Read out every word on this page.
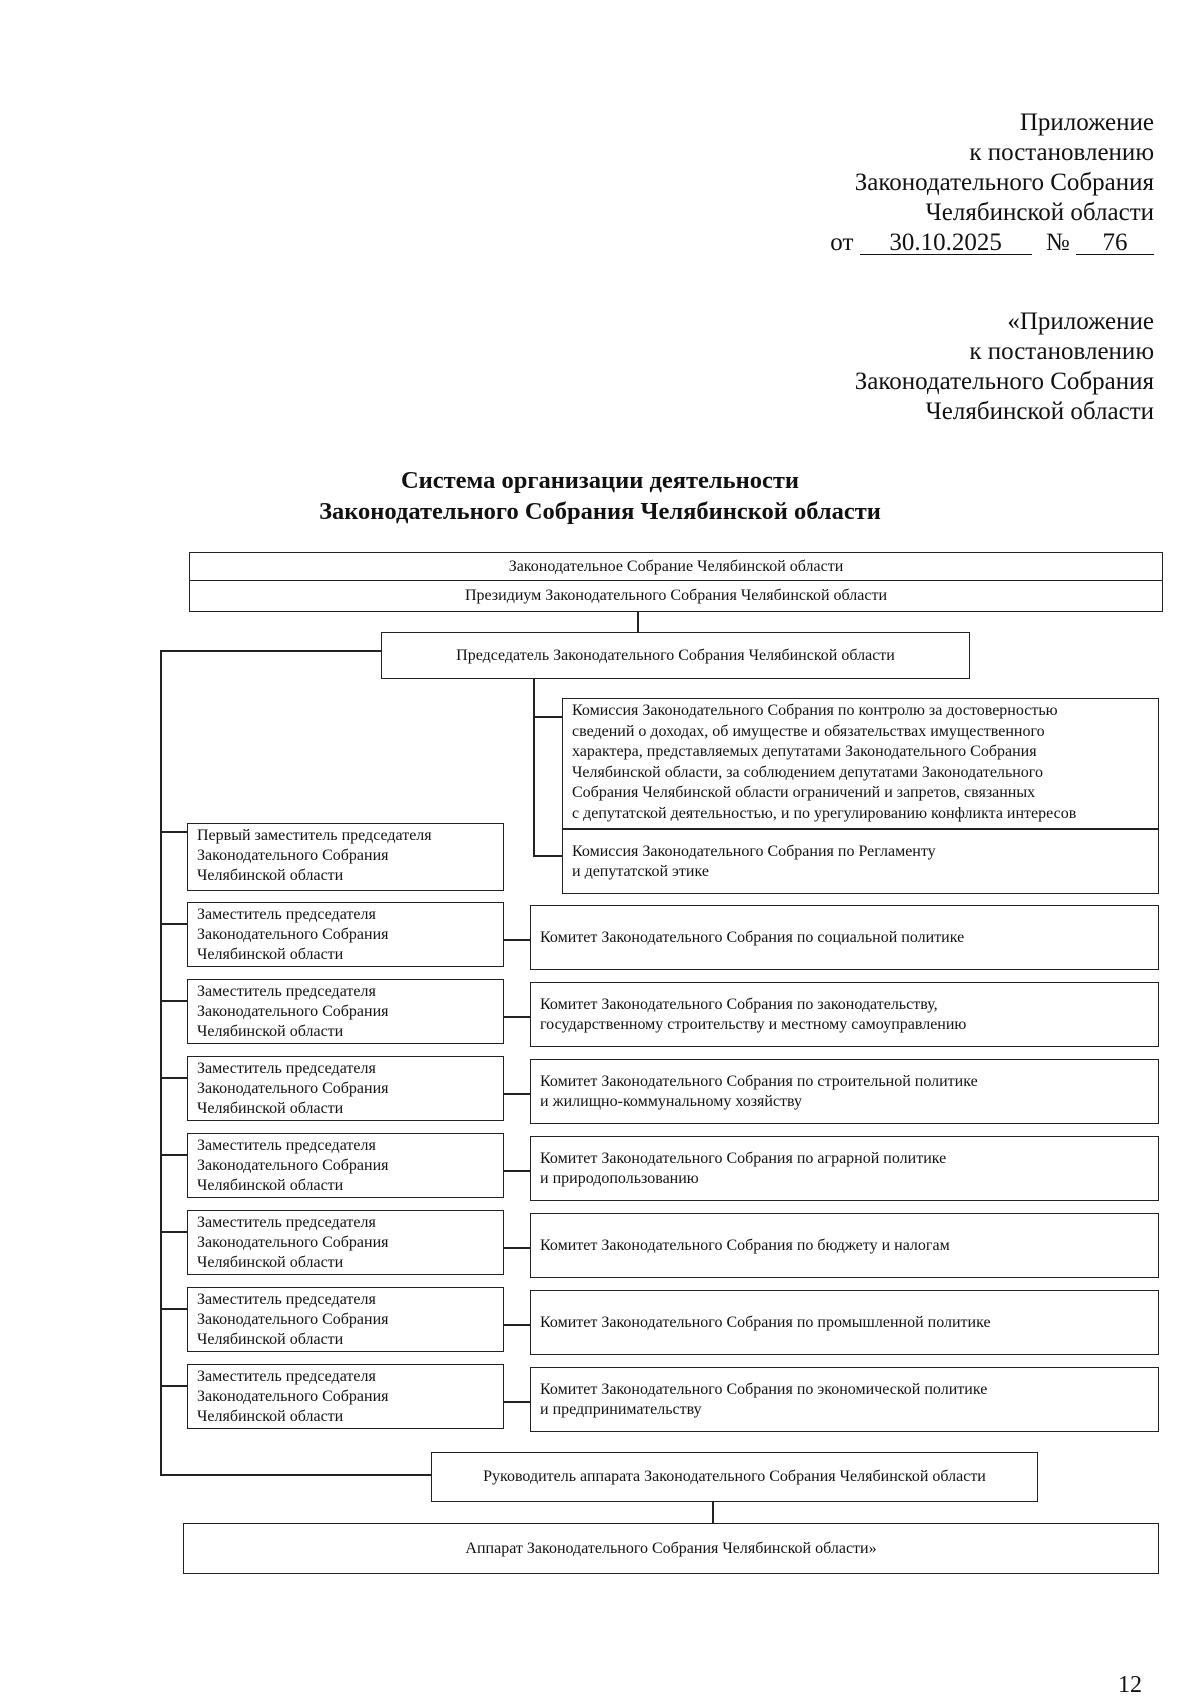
Приложение
к постановлению
Законодательного Собрания
Челябинской области
от 30.10.2025 № 76
«Приложение
к постановлению
Законодательного Собрания
Челябинской области
Система организации деятельности
Законодательного Собрания Челябинской области
Законодательное Собрание Челябинской области
Президиум Законодательного Собрания Челябинской области
Председатель Законодательного Собрания Челябинской области
Комиссия Законодательного Собрания по контролю за достоверностью
сведений о доходах, об имуществе и обязательствах имущественного
характера, представляемых депутатами Законодательного Собрания
Челябинской области, за соблюдением депутатами Законодательного
Собрания Челябинской области ограничений и запретов, связанных
с депутатской деятельностью, и по урегулированию конфликта интересов
Комиссия Законодательного Собрания по Регламенту
и депутатской этике
Первый заместитель председателя
Законодательного Собрания
Челябинской области
Заместитель председателя
Законодательного Собрания
Челябинской области
Заместитель председателя
Законодательного Собрания
Челябинской области
Заместитель председателя
Законодательного Собрания
Челябинской области
Заместитель председателя
Законодательного Собрания
Челябинской области
Заместитель председателя
Законодательного Собрания
Челябинской области
Заместитель председателя
Законодательного Собрания
Челябинской области
Заместитель председателя
Законодательного Собрания
Челябинской области
Комитет Законодательного Собрания по социальной политике
Комитет Законодательного Собрания по законодательству,
государственному строительству и местному самоуправлению
Комитет Законодательного Собрания по строительной политике
и жилищно-коммунальному хозяйству
Комитет Законодательного Собрания по аграрной политике
и природопользованию
Комитет Законодательного Собрания по бюджету и налогам
Комитет Законодательного Собрания по промышленной политике
Комитет Законодательного Собрания по экономической политике
и предпринимательству
Руководитель аппарата Законодательного Собрания Челябинской области
Аппарат Законодательного Собрания Челябинской области»
12
